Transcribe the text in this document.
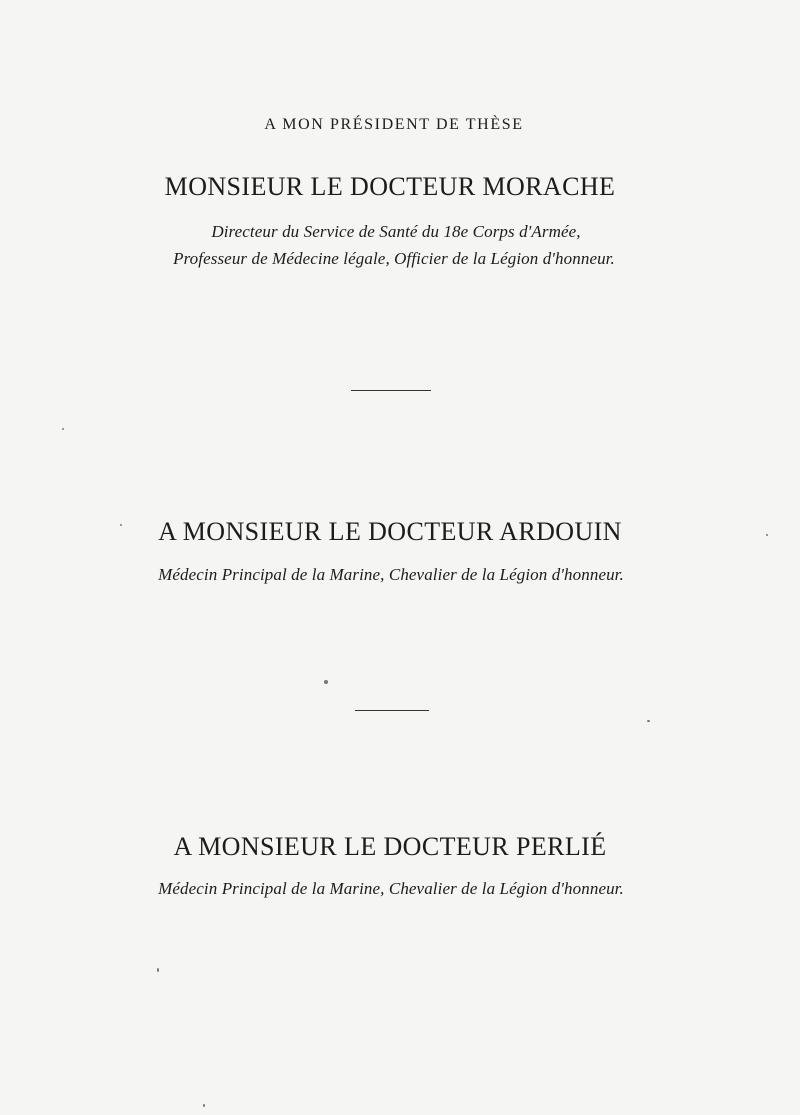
A MON PRÉSIDENT DE THÈSE
MONSIEUR LE DOCTEUR MORACHE
Directeur du Service de Santé du 18e Corps d'Armée,
Professeur de Médecine légale, Officier de la Légion d'honneur.
A MONSIEUR LE DOCTEUR ARDOUIN
Médecin Principal de la Marine, Chevalier de la Légion d'honneur.
A MONSIEUR LE DOCTEUR PERLIÉ
Médecin Principal de la Marine, Chevalier de la Légion d'honneur.
